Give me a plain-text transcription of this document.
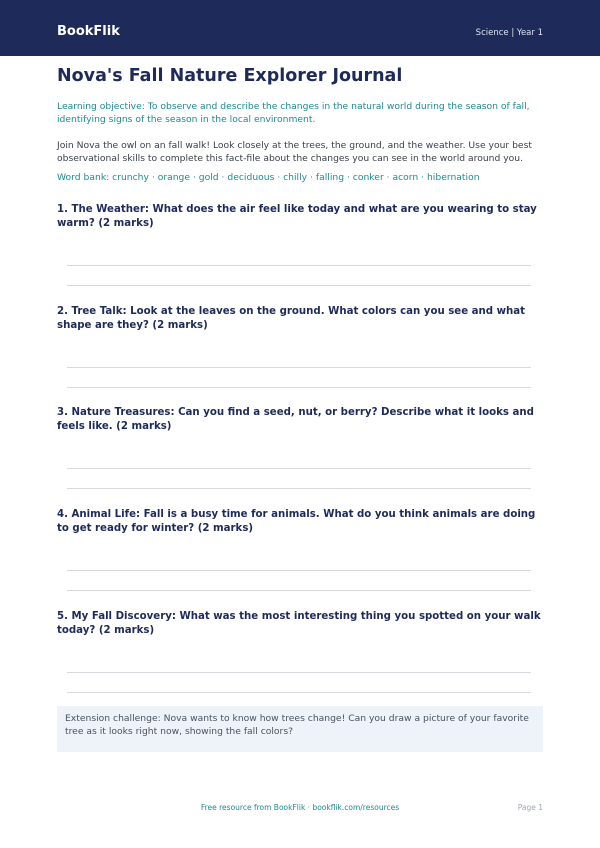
BookFlik	Science | Year 1
Nova's Fall Nature Explorer Journal
Learning objective: To observe and describe the changes in the natural world during the season of fall, identifying signs of the season in the local environment.
Join Nova the owl on an fall walk! Look closely at the trees, the ground, and the weather. Use your best observational skills to complete this fact-file about the changes you can see in the world around you.
Word bank: crunchy · orange · gold · deciduous · chilly · falling · conker · acorn · hibernation
1. The Weather: What does the air feel like today and what are you wearing to stay warm? (2 marks)
2. Tree Talk: Look at the leaves on the ground. What colors can you see and what shape are they? (2 marks)
3. Nature Treasures: Can you find a seed, nut, or berry? Describe what it looks and feels like. (2 marks)
4. Animal Life: Fall is a busy time for animals. What do you think animals are doing to get ready for winter? (2 marks)
5. My Fall Discovery: What was the most interesting thing you spotted on your walk today? (2 marks)
Extension challenge: Nova wants to know how trees change! Can you draw a picture of your favorite tree as it looks right now, showing the fall colors?
Free resource from BookFlik · bookflik.com/resources	Page 1
